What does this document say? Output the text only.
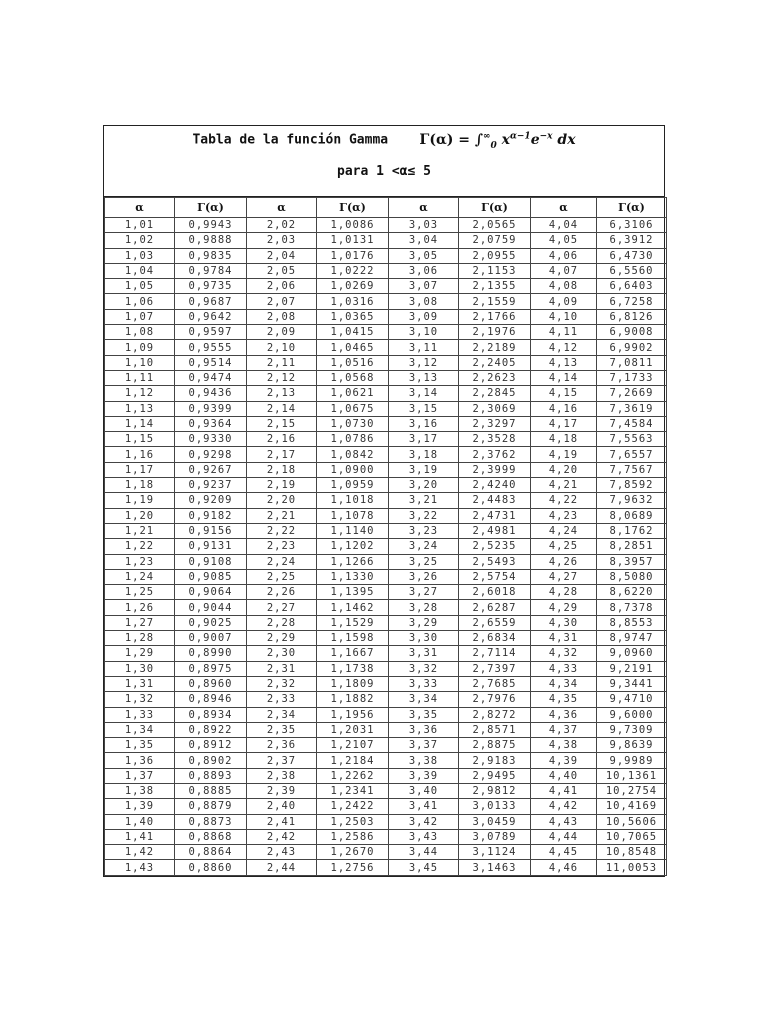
Tabla de la función Gamma $\Gamma(\alpha) = \int^\infty_0$ $x^{\alpha-1}e^{-x}$ dx
para 1 <α≤ 5
α	Γ(α)	α	Γ(α)	α	Γ(α)	α	Γ(α)
1,01	0,9943	2,02	1,0086	3,03	2,0565	4,04	6,3106
1,02	0,9888	2,03	1,0131	3,04	2,0759	4,05	6,3912
1,03	0,9835	2,04	1,0176	3,05	2,0955	4,06	6,4730
1,04	0,9784	2,05	1,0222	3,06	2,1153	4,07	6,5560
1,05	0,9735	2,06	1,0269	3,07	2,1355	4,08	6,6403
1,06	0,9687	2,07	1,0316	3,08	2,1559	4,09	6,7258
1,07	0,9642	2,08	1,0365	3,09	2,1766	4,10	6,8126
1,08	0,9597	2,09	1,0415	3,10	2,1976	4,11	6,9008
1,09	0,9555	2,10	1,0465	3,11	2,2189	4,12	6,9902
1,10	0,9514	2,11	1,0516	3,12	2,2405	4,13	7,0811
1,11	0,9474	2,12	1,0568	3,13	2,2623	4,14	7,1733
1,12	0,9436	2,13	1,0621	3,14	2,2845	4,15	7,2669
1,13	0,9399	2,14	1,0675	3,15	2,3069	4,16	7,3619
1,14	0,9364	2,15	1,0730	3,16	2,3297	4,17	7,4584
1,15	0,9330	2,16	1,0786	3,17	2,3528	4,18	7,5563
1,16	0,9298	2,17	1,0842	3,18	2,3762	4,19	7,6557
1,17	0,9267	2,18	1,0900	3,19	2,3999	4,20	7,7567
1,18	0,9237	2,19	1,0959	3,20	2,4240	4,21	7,8592
1,19	0,9209	2,20	1,1018	3,21	2,4483	4,22	7,9632
1,20	0,9182	2,21	1,1078	3,22	2,4731	4,23	8,0689
1,21	0,9156	2,22	1,1140	3,23	2,4981	4,24	8,1762
1,22	0,9131	2,23	1,1202	3,24	2,5235	4,25	8,2851
1,23	0,9108	2,24	1,1266	3,25	2,5493	4,26	8,3957
1,24	0,9085	2,25	1,1330	3,26	2,5754	4,27	8,5080
1,25	0,9064	2,26	1,1395	3,27	2,6018	4,28	8,6220
1,26	0,9044	2,27	1,1462	3,28	2,6287	4,29	8,7378
1,27	0,9025	2,28	1,1529	3,29	2,6559	4,30	8,8553
1,28	0,9007	2,29	1,1598	3,30	2,6834	4,31	8,9747
1,29	0,8990	2,30	1,1667	3,31	2,7114	4,32	9,0960
1,30	0,8975	2,31	1,1738	3,32	2,7397	4,33	9,2191
1,31	0,8960	2,32	1,1809	3,33	2,7685	4,34	9,3441
1,32	0,8946	2,33	1,1882	3,34	2,7976	4,35	9,4710
1,33	0,8934	2,34	1,1956	3,35	2,8272	4,36	9,6000
1,34	0,8922	2,35	1,2031	3,36	2,8571	4,37	9,7309
1,35	0,8912	2,36	1,2107	3,37	2,8875	4,38	9,8639
1,36	0,8902	2,37	1,2184	3,38	2,9183	4,39	9,9989
1,37	0,8893	2,38	1,2262	3,39	2,9495	4,40	10,1361
1,38	0,8885	2,39	1,2341	3,40	2,9812	4,41	10,2754
1,39	0,8879	2,40	1,2422	3,41	3,0133	4,42	10,4169
1,40	0,8873	2,41	1,2503	3,42	3,0459	4,43	10,5606
1,41	0,8868	2,42	1,2586	3,43	3,0789	4,44	10,7065
1,42	0,8864	2,43	1,2670	3,44	3,1124	4,45	10,8548
1,43	0,8860	2,44	1,2756	3,45	3,1463	4,46	11,0053
